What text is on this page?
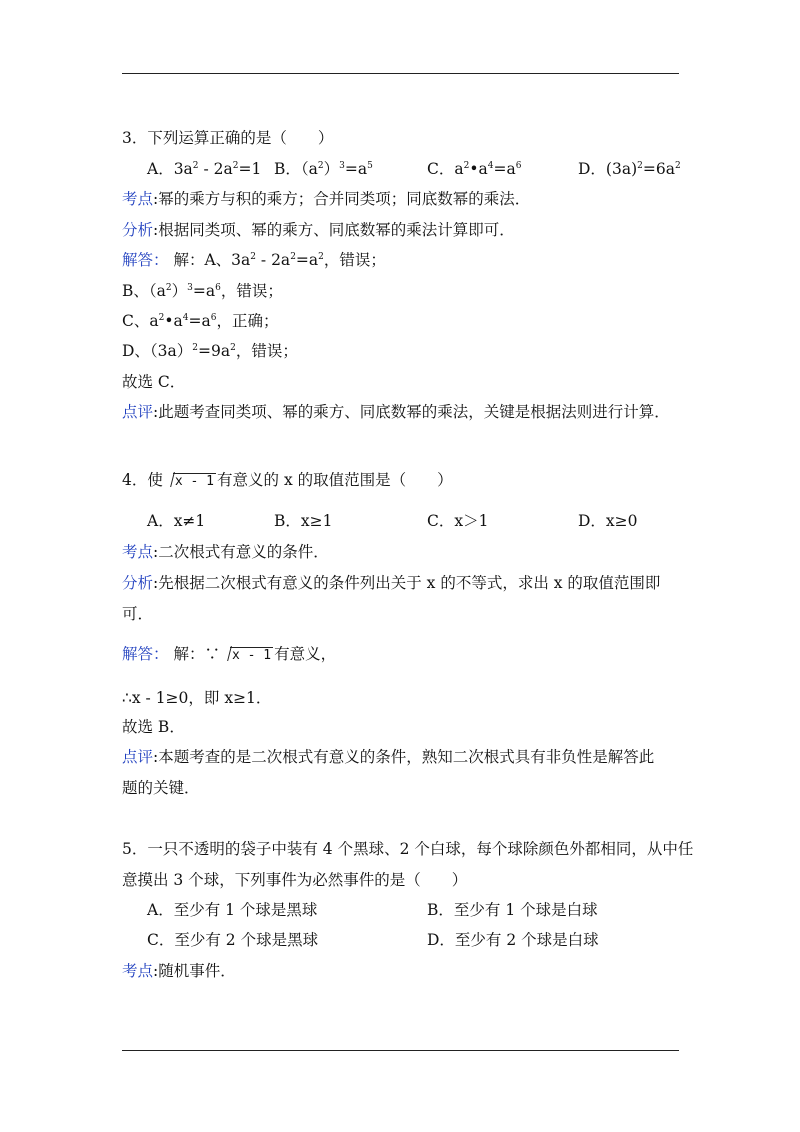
3．下列运算正确的是（　　）
A．$3a^2 - 2a^2=1$ B．$(a^2)^3=a^5$	C．$a^2•a^4=a^6$	D．$(3a)^2=6a^2$
考点:幂的乘方与积的乘方；合并同类项；同底数幂的乘法．
分析:根据同类项、幂的乘方、同底数幂的乘法计算即可．
解答： 解：A、$3a^2 - 2a^2=a^2$，错误；
B、$(a^2)^3=a^6$，错误；
C、$a^2•a^4=a^6$，正确；
D、$(3a)^2=9a^2$，错误；
故选 C．
点评:此题考查同类项、幂的乘方、同底数幂的乘法，关键是根据法则进行计算．
4．使 x - 1 有意义的 x 的取值范围是（　　）
A．x≠1	B．x≥1	C．x＞1	D．x≥0
考点:二次根式有意义的条件．
分析:先根据二次根式有意义的条件列出关于 x 的不等式，求出 x 的取值范围即
可．
解答： 解：∵ x - 1 有意义，
∴x - 1≥0，即 x≥1．
故选 B．
点评:本题考查的是二次根式有意义的条件，熟知二次根式具有非负性是解答此
题的关键．
5．一只不透明的袋子中装有 4 个黑球、2 个白球，每个球除颜色外都相同，从中任
意摸出 3 个球，下列事件为必然事件的是（　　）
A．至少有 1 个球是黑球	B．至少有 1 个球是白球
C．至少有 2 个球是黑球	D．至少有 2 个球是白球
考点:随机事件．
